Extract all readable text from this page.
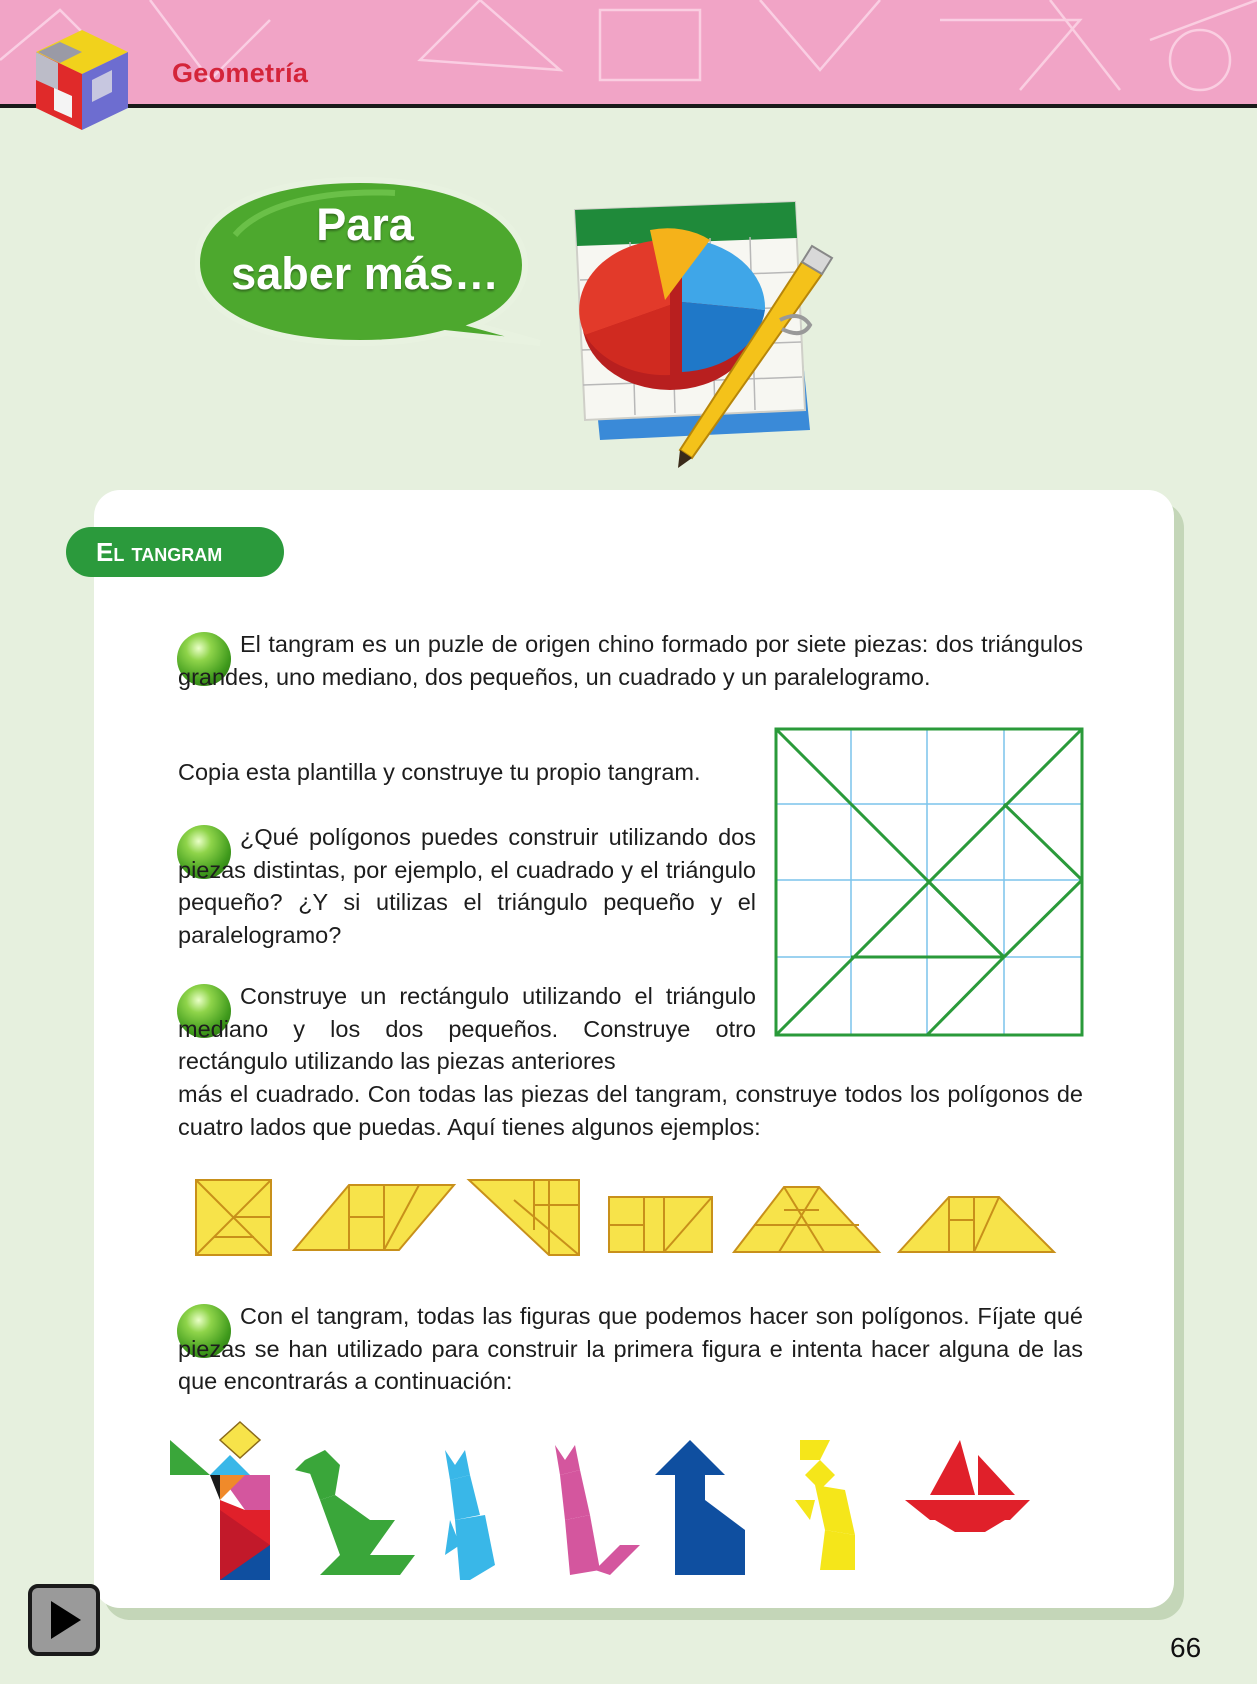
Geometría
Para
saber más…
El tangram
El tangram es un puzle de origen chino formado por siete piezas: dos triángulos grandes, uno mediano, dos pequeños, un cuadrado y un paralelogramo.
Copia esta plantilla y construye tu propio tangram.
¿Qué polígonos puedes construir utilizando dos piezas distintas, por ejemplo, el cuadrado y el triángulo pequeño? ¿Y si utilizas el triángulo pequeño y el paralelogramo?
Construye un rectángulo utilizando el triángulo mediano y los dos pequeños. Construye otro rectángulo utilizando las piezas anteriores
más el cuadrado. Con todas las piezas del tangram, construye todos los polígonos de cuatro lados que puedas. Aquí tienes algunos ejemplos:
Con el tangram, todas las figuras que podemos hacer son polígonos. Fíjate qué piezas se han utilizado para construir la primera figura e intenta hacer alguna de las que encontrarás a continuación:
66
